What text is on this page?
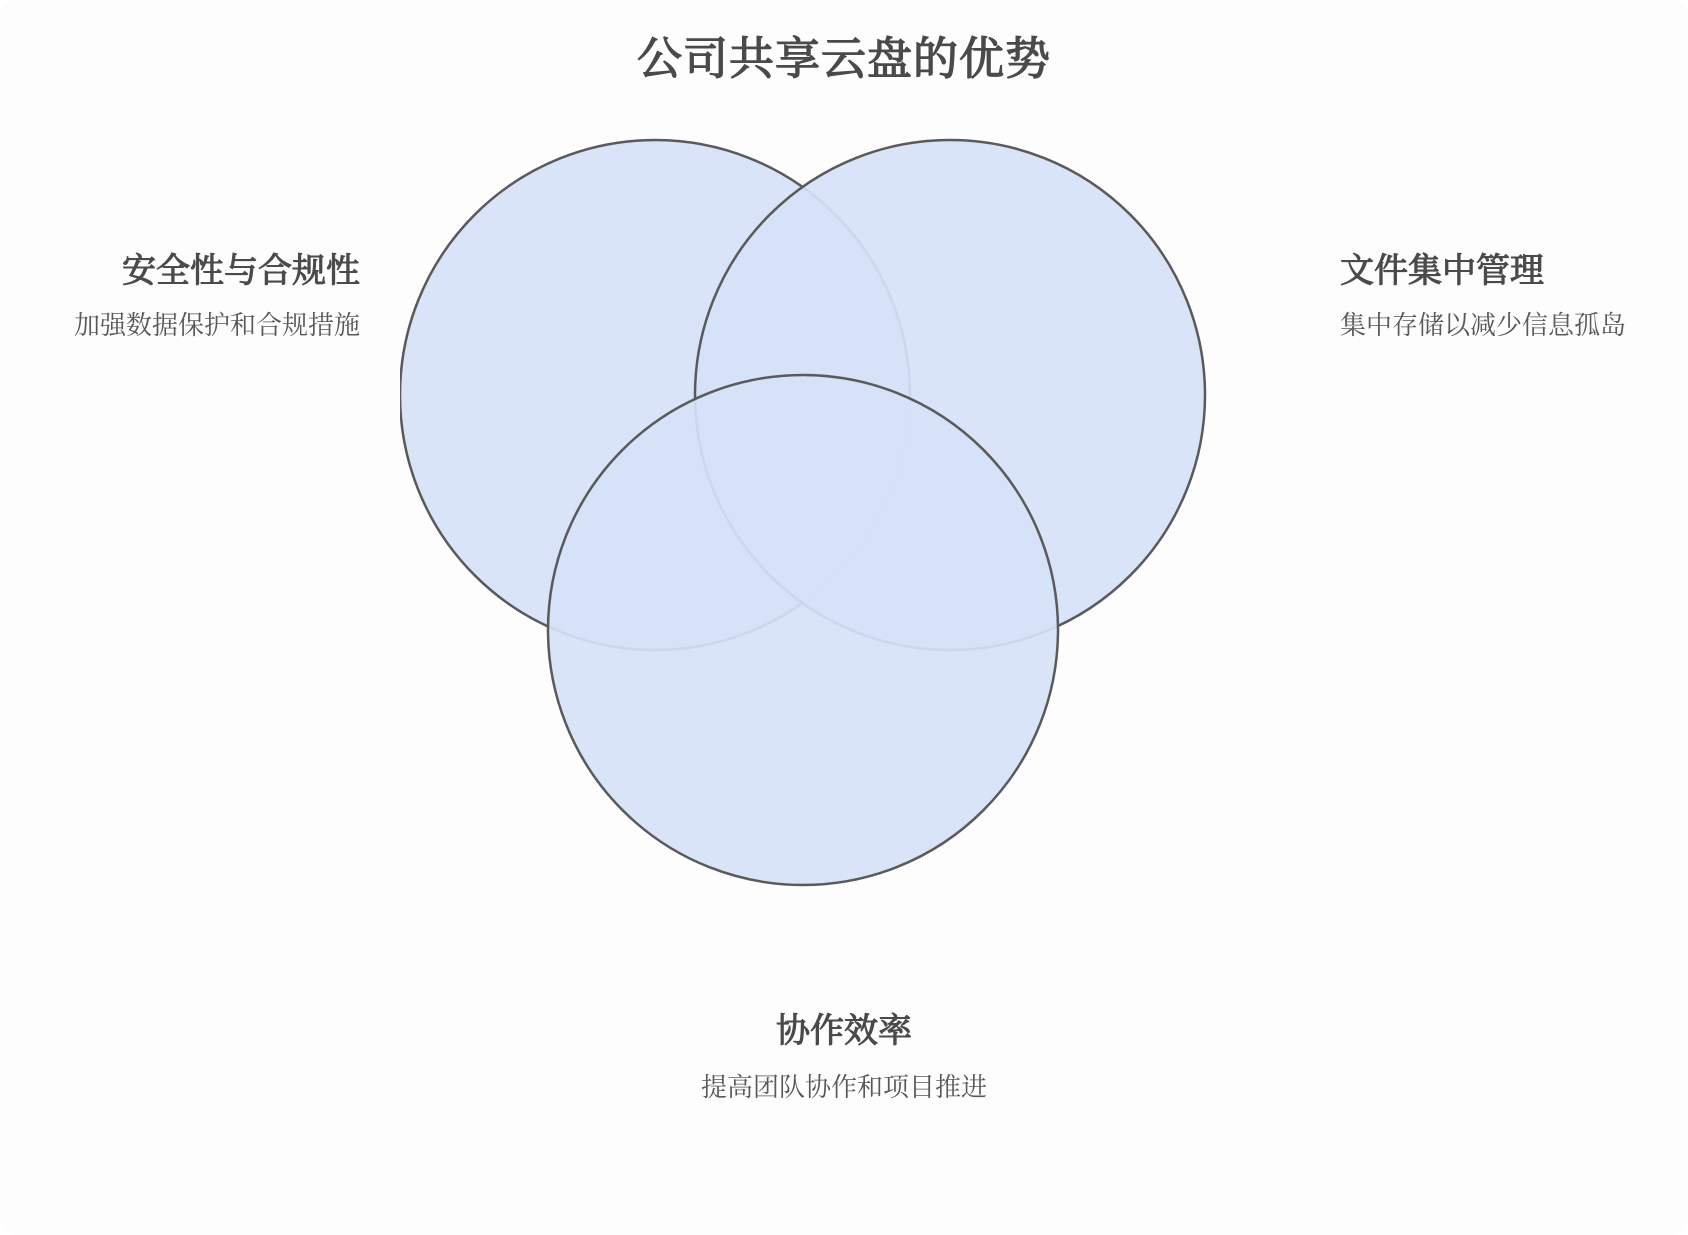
公司共享云盘的优势
安全性与合规性
加强数据保护和合规措施
文件集中管理
集中存储以减少信息孤岛
协作效率
提高团队协作和项目推进
